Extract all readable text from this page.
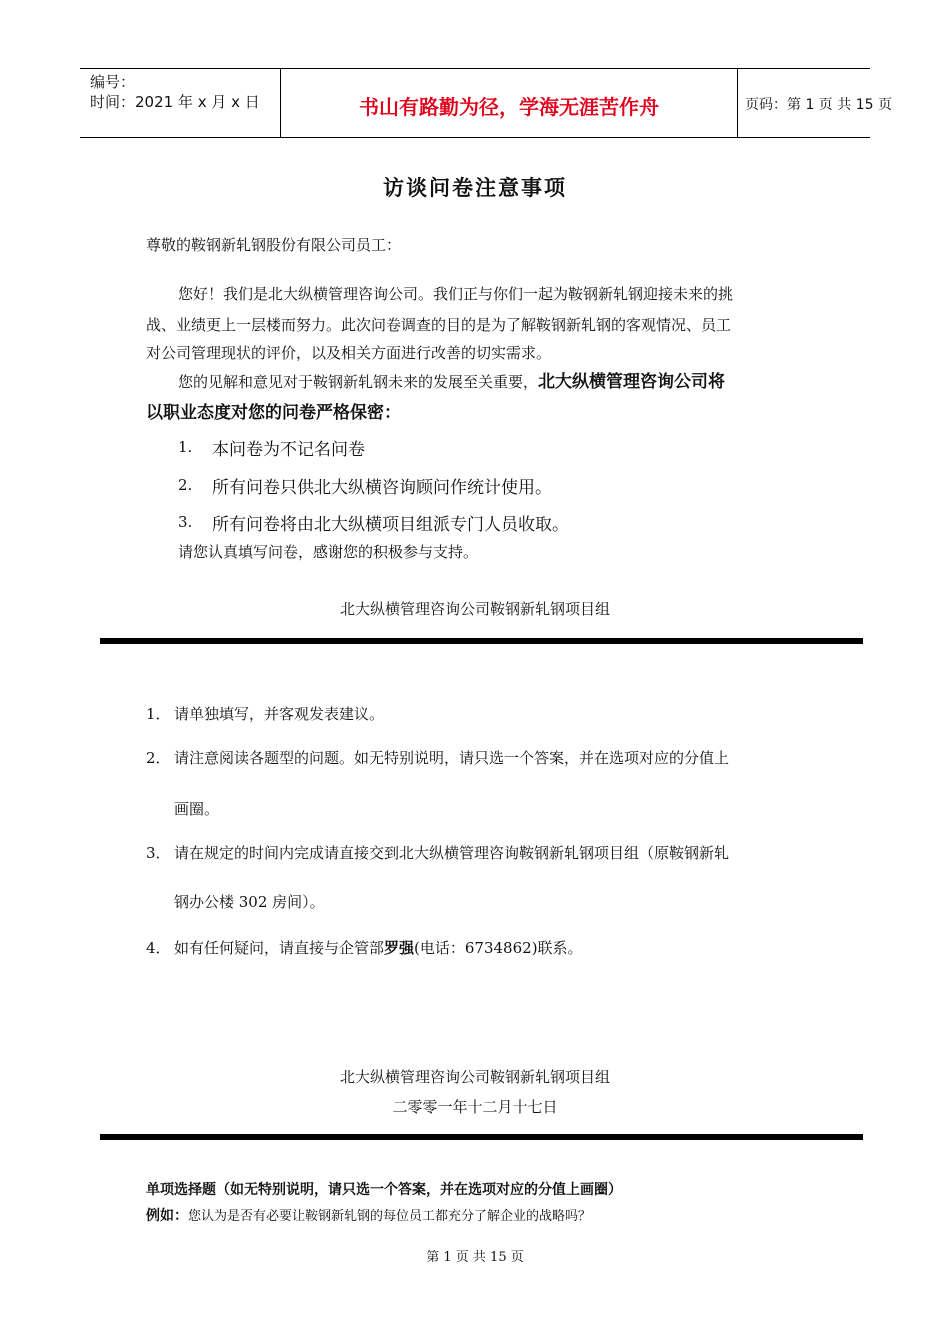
编号：
时间：2021 年 x 月 x 日	书山有路勤为径，学海无涯苦作舟	页码：第 1 页 共 15 页
访谈问卷注意事项
尊敬的鞍钢新轧钢股份有限公司员工：
您好！我们是北大纵横管理咨询公司。我们正与你们一起为鞍钢新轧钢迎接未来的挑
战、业绩更上一层楼而努力。此次问卷调查的目的是为了解鞍钢新轧钢的客观情况、员工
对公司管理现状的评价，以及相关方面进行改善的切实需求。
您的见解和意见对于鞍钢新轧钢未来的发展至关重要，北大纵横管理咨询公司将
以职业态度对您的问卷严格保密：
1. 本问卷为不记名问卷
2. 所有问卷只供北大纵横咨询顾问作统计使用。
3. 所有问卷将由北大纵横项目组派专门人员收取。
请您认真填写问卷，感谢您的积极参与支持。
北大纵横管理咨询公司鞍钢新轧钢项目组
1． 请单独填写，并客观发表建议。
2． 请注意阅读各题型的问题。如无特别说明，请只选一个答案，并在选项对应的分值上
画圈。
3． 请在规定的时间内完成请直接交到北大纵横管理咨询鞍钢新轧钢项目组（原鞍钢新轧
钢办公楼 302 房间）。
4． 如有任何疑问，请直接与企管部罗强(电话：6734862)联系。
北大纵横管理咨询公司鞍钢新轧钢项目组
二零零一年十二月十七日
单项选择题（如无特别说明，请只选一个答案，并在选项对应的分值上画圈）
例如：您认为是否有必要让鞍钢新轧钢的每位员工都充分了解企业的战略吗？
第 1 页 共 15 页
